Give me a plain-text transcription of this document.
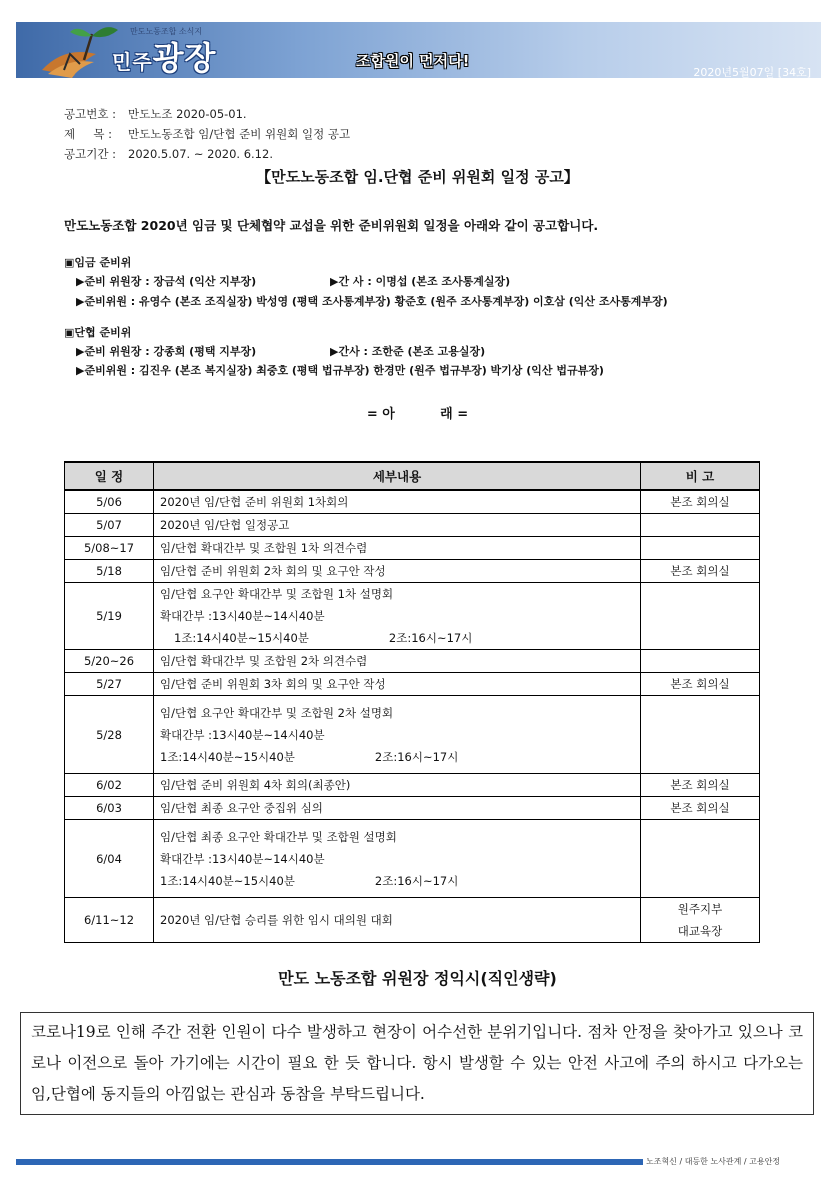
만도노동조합 소식지
민주광장	조합원이 먼저다!
2020년5월07일 [34호]
공고번호 : 만도노조 2020-05-01.
제     목 : 만도노동조합 임/단협 준비 위원회 일정 공고
공고기간 : 2020.5.07. ~ 2020. 6.12.
【만도노동조합 임.단협 준비 위원회 일정 공고】
만도노동조합 2020년 임금 및 단체협약 교섭을 위한 준비위원회 일정을 아래와 같이 공고합니다.
▣임금 준비위
▶준비 위원장 : 장금석 (익산 지부장)	▶간 사 : 이명섭 (본조 조사통계실장)
▶준비위원 : 유영수 (본조 조직실장) 박성영 (평택 조사통계부장) 황준호 (원주 조사통계부장) 이호삼 (익산 조사통계부장)
▣단협 준비위
▶준비 위원장 : 강종희 (평택 지부장)	▶간사 : 조한준 (본조 고용실장)
▶준비위원 : 김진우 (본조 복지실장) 최중호 (평택 법규부장) 한경만 (원주 법규부장) 박기상 (익산 법규뷰장)
= 아          래 =
일 정	세부내용	비 고
5/06	2020년 임/단협 준비 위원회 1차회의	본조 회의실
5/07	2020년 임/단협 일정공고	

5/08~17	임/단협 확대간부 및 조합원 1차 의견수렴	

5/18	임/단협 준비 위원회 2차 회의 및 요구안 작성	본조 회의실
5/19	임/단협 요구안 확대간부 및 조합원 1차 설명회
확대간부 :13시40분~14시40분
1조:14시40분~15시40분 2조:16시~17시	

5/20~26	임/단협 확대간부 및 조합원 2차 의견수렴	

5/27	임/단협 준비 위원회 3차 회의 및 요구안 작성	본조 회의실
5/28	임/단협 요구안 확대간부 및 조합원 2차 설명회
확대간부 :13시40분~14시40분
1조:14시40분~15시40분 2조:16시~17시	

6/02	임/단협 준비 위원회 4차 회의(최종안)	본조 회의실
6/03	임/단협 최종 요구안 중집위 심의	본조 회의실
6/04	임/단협 최종 요구안 확대간부 및 조합원 설명회
확대간부 :13시40분~14시40분
1조:14시40분~15시40분 2조:16시~17시	

6/11~12	2020년 임/단협 승리를 위한 임시 대의원 대회	원주지부
대교육장
만도 노동조합 위원장 정익시(직인생략)
코로나19로 인해 주간 전환 인원이 다수 발생하고 현장이 어수선한 분위기입니다. 점차 안정을 찾아가고 있으나 코로나 이전으로 돌아 가기에는 시간이 필요 한 듯 합니다. 항시 발생할 수 있는 안전 사고에 주의 하시고 다가오는 임,단협에 동지들의 아낌없는 관심과 동참을 부탁드립니다.
노조혁신 / 대등한 노사관계 / 고용안정
